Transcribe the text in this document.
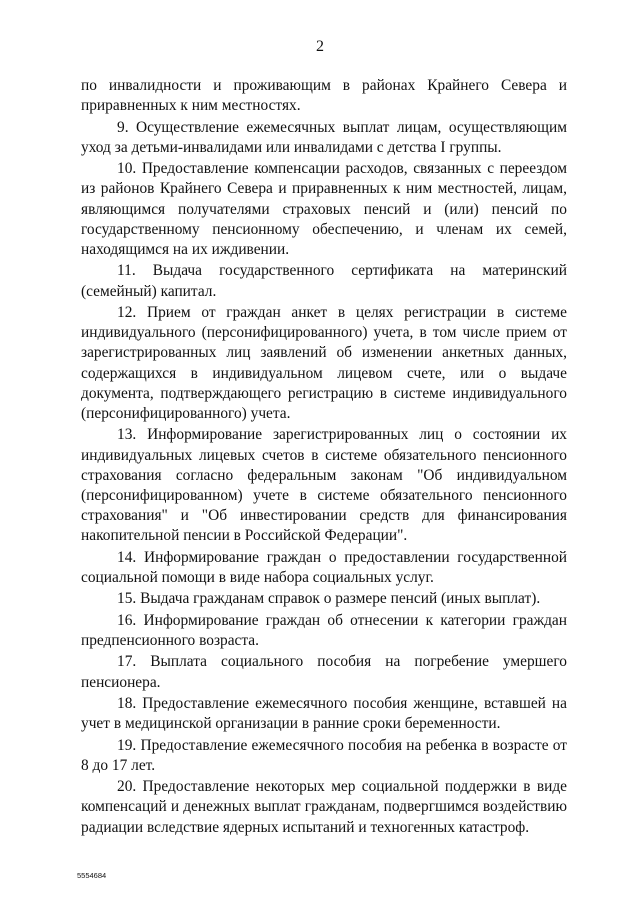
2

по инвалидности и проживающим в районах Крайнего Севера и приравненных к ним местностях.

9. Осуществление ежемесячных выплат лицам, осуществляющим уход за детьми-инвалидами или инвалидами с детства I группы.

10. Предоставление компенсации расходов, связанных с переездом из районов Крайнего Севера и приравненных к ним местностей, лицам, являющимся получателями страховых пенсий и (или) пенсий по государственному пенсионному обеспечению, и членам их семей, находящимся на их иждивении.

11. Выдача государственного сертификата на материнский (семейный) капитал.

12. Прием от граждан анкет в целях регистрации в системе индивидуального (персонифицированного) учета, в том числе прием от зарегистрированных лиц заявлений об изменении анкетных данных, содержащихся в индивидуальном лицевом счете, или о выдаче документа, подтверждающего регистрацию в системе индивидуального (персонифицированного) учета.

13. Информирование зарегистрированных лиц о состоянии их индивидуальных лицевых счетов в системе обязательного пенсионного страхования согласно федеральным законам "Об индивидуальном (персонифицированном) учете в системе обязательного пенсионного страхования" и "Об инвестировании средств для финансирования накопительной пенсии в Российской Федерации".

14. Информирование граждан о предоставлении государственной социальной помощи в виде набора социальных услуг.

15. Выдача гражданам справок о размере пенсий (иных выплат).

16. Информирование граждан об отнесении к категории граждан предпенсионного возраста.

17. Выплата социального пособия на погребение умершего пенсионера.

18. Предоставление ежемесячного пособия женщине, вставшей на учет в медицинской организации в ранние сроки беременности.

19. Предоставление ежемесячного пособия на ребенка в возрасте от 8 до 17 лет.

20. Предоставление некоторых мер социальной поддержки в виде компенсаций и денежных выплат гражданам, подвергшимся воздействию радиации вследствие ядерных испытаний и техногенных катастроф.

5554684
